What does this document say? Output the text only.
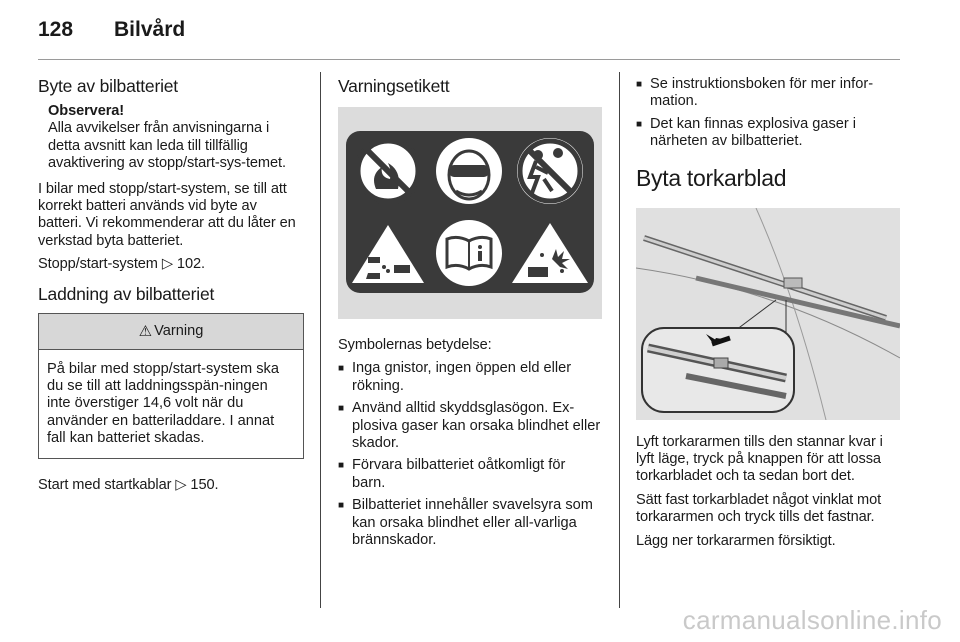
128	Bilvård
Byte av bilbatteriet

Observera!

Alla avvikelser från anvisningarna i detta avsnitt kan leda till tillfällig avaktivering av stopp/start-sys-temet.

I bilar med stopp/start-system, se till att korrekt batteri används vid byte av batteri. Vi rekommenderar att du låter en verkstad byta batteriet.

Stopp/start-system ▷ 102.

Laddning av bilbatteriet
⚠ Varning
På bilar med stopp/start-system ska du se till att laddningsspän-ningen inte överstiger 14,6 volt när du använder en batteriladdare. I annat fall kan batteriet skadas.

Start med startkablar ▷ 150.

Varningsetikett

Symbolernas betydelse:

■ Inga gnistor, ingen öppen eld eller rökning.
■ Använd alltid skyddsglasögon. Ex-plosiva gaser kan orsaka blindhet eller skador.
■ Förvara bilbatteriet oåtkomligt för barn.
■ Bilbatteriet innehåller svavelsyra som kan orsaka blindhet eller all-varliga brännskador.
■ Se instruktionsboken för mer infor-mation.
■ Det kan finnas explosiva gaser i närheten av bilbatteriet.
Byta torkarblad

Lyft torkararmen tills den stannar kvar i lyft läge, tryck på knappen för att lossa torkarbladet och ta sedan bort det.

Sätt fast torkarbladet något vinklat mot torkararmen och tryck tills det fastnar.

Lägg ner torkararmen försiktigt.

carmanualsonline.info
